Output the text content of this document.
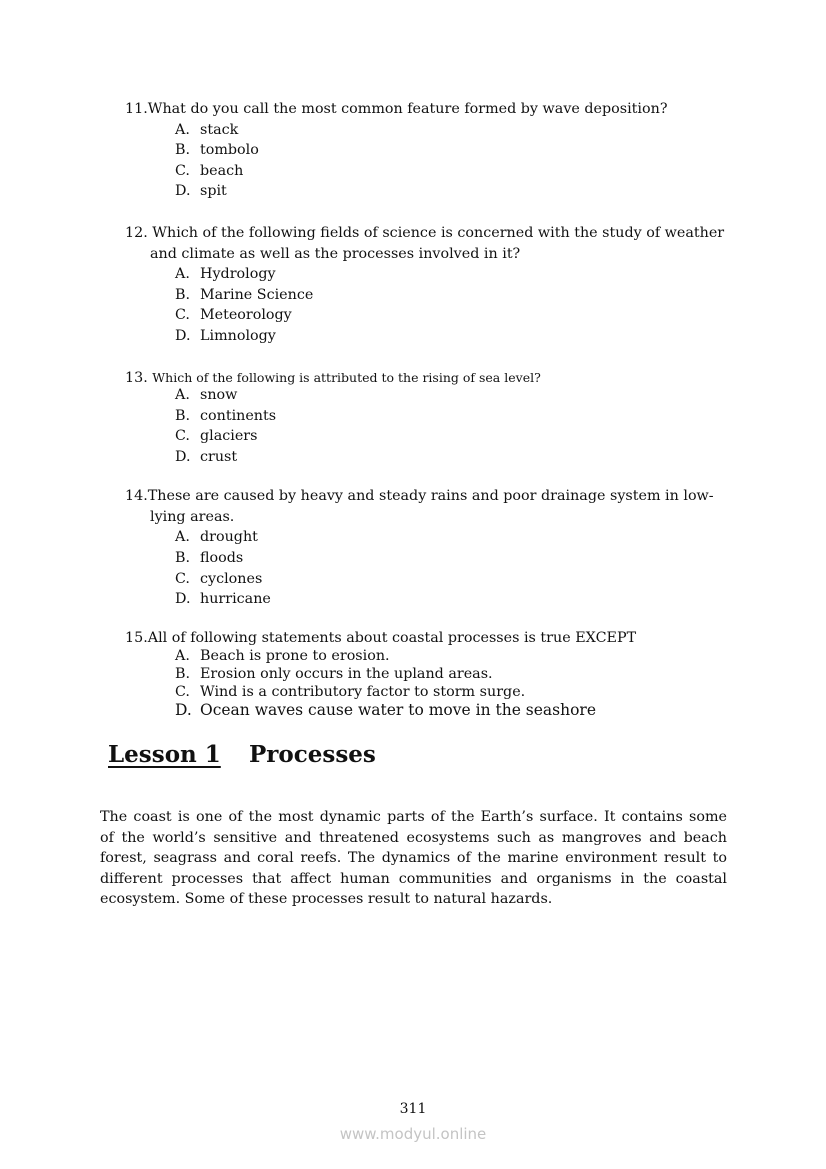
11.What do you call the most common feature formed by wave deposition?
A. stack
B. tombolo
C. beach
D. spit
12. Which of the following fields of science is concerned with the study of weather
and climate as well as the processes involved in it?
A. Hydrology
B. Marine Science
C. Meteorology
D. Limnology
13. Which of the following is attributed to the rising of sea level?
A. snow
B. continents
C. glaciers
D. crust
14.These are caused by heavy and steady rains and poor drainage system in low-
lying areas.
A. drought
B. floods
C. cyclones
D. hurricane
15.All of following statements about coastal processes is true EXCEPT
A. Beach is prone to erosion.
B. Erosion only occurs in the upland areas.
C. Wind is a contributory factor to storm surge.
D. Ocean waves cause water to move in the seashore
Lesson 1 Processes
The coast is one of the most dynamic parts of the Earth’s surface. It contains some
of the world’s sensitive and threatened ecosystems such as mangroves and beach
forest, seagrass and coral reefs. The dynamics of the marine environment result to
different processes that affect human communities and organisms in the coastal
ecosystem. Some of these processes result to natural hazards.
311
www.modyul.online
